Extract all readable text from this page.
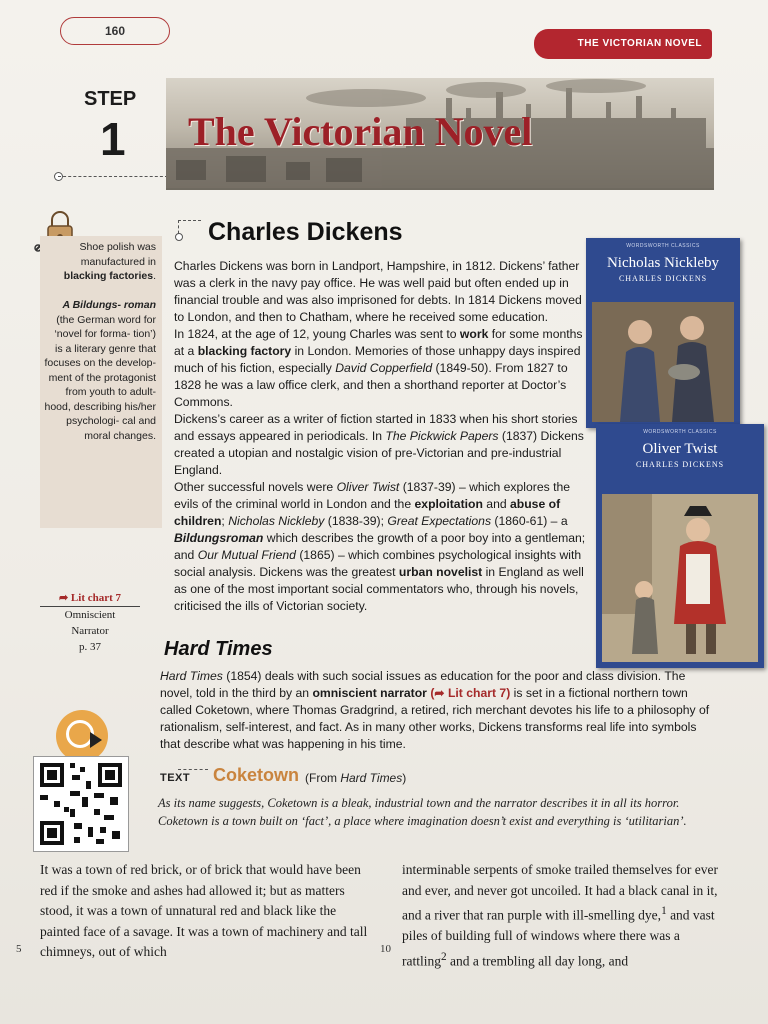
160
THE VICTORIAN NOVEL
STEP
1 The Victorian Novel
Shoe polish was manufactured in blacking factories.

A Bildungs- roman (the German word for ‘novel for forma- tion’) is a literary genre that focuses on the develop- ment of the protagonist from youth to adult- hood, describing his/her psychologi- cal and moral changes.
➦ Lit chart 7
Omniscient
Narrator
p. 37
Charles Dickens

Charles Dickens was born in Landport, Hampshire, in 1812. Dickens’ father was a clerk in the navy pay office. He was well paid but often ended up in financial trouble and was also imprisoned for debts. In 1814 Dickens moved to London, and then to Chatham, where he received some education.

In 1824, at the age of 12, young Charles was sent to work for some months at a blacking factory in London. Memories of those unhappy days inspired much of his fiction, especially David Copperfield (1849-50). From 1827 to 1828 he was a law office clerk, and then a shorthand reporter at Doctor’s Commons.

Dickens’s career as a writer of fiction started in 1833 when his short stories and essays appeared in periodicals. In The Pickwick Papers (1837) Dickens created a utopian and nostalgic vision of pre-Victorian and pre-industrial England.

Other successful novels were Oliver Twist (1837-39) – which explores the evils of the criminal world in London and the exploitation and abuse of children; Nicholas Nickleby (1838-39); Great Expectations (1860-61) – a Bildungsroman which describes the growth of a poor boy into a gentleman; and Our Mutual Friend (1865) – which combines psychological insights with social analysis. Dickens was the greatest urban novelist in England as well as one of the most important social commentators who, through his novels, criticised the ills of Victorian society.

WORDSWORTH CLASSICS
Nicholas Nickleby
CHARLES DICKENS
WORDSWORTH CLASSICS
Oliver Twist
CHARLES DICKENS
Hard Times

Hard Times (1854) deals with such social issues as education for the poor and class division. The novel, told in the third by an omniscient narrator (➦ Lit chart 7) is set in a fictional northern town called Coketown, where Thomas Gradgrind, a retired, rich merchant devotes his life to a philosophy of rationalism, self-interest, and fact. As in many other works, Dickens transforms real life into symbols that describe what was happening in his time.

TEXT Coketown (From Hard Times)
As its name suggests, Coketown is a bleak, industrial town and the narrator describes it in all its horror. Coketown is a town built on ‘fact’, a place where imagination doesn’t exist and everything is ‘utilitarian’.
It was a town of red brick, or of brick that would have been red if the smoke and ashes had allowed it; but as matters stood, it was a town of unnatural red and black like the painted face of a savage. It was a town of machinery and tall chimneys, out of which
interminable serpents of smoke trailed themselves for ever and ever, and never got uncoiled. It had a black canal in it, and a river that ran purple with ill-smelling dye,$^1$ and vast piles of building full of windows where there was a rattling$^2$ and a trembling all day long, and
5	10
